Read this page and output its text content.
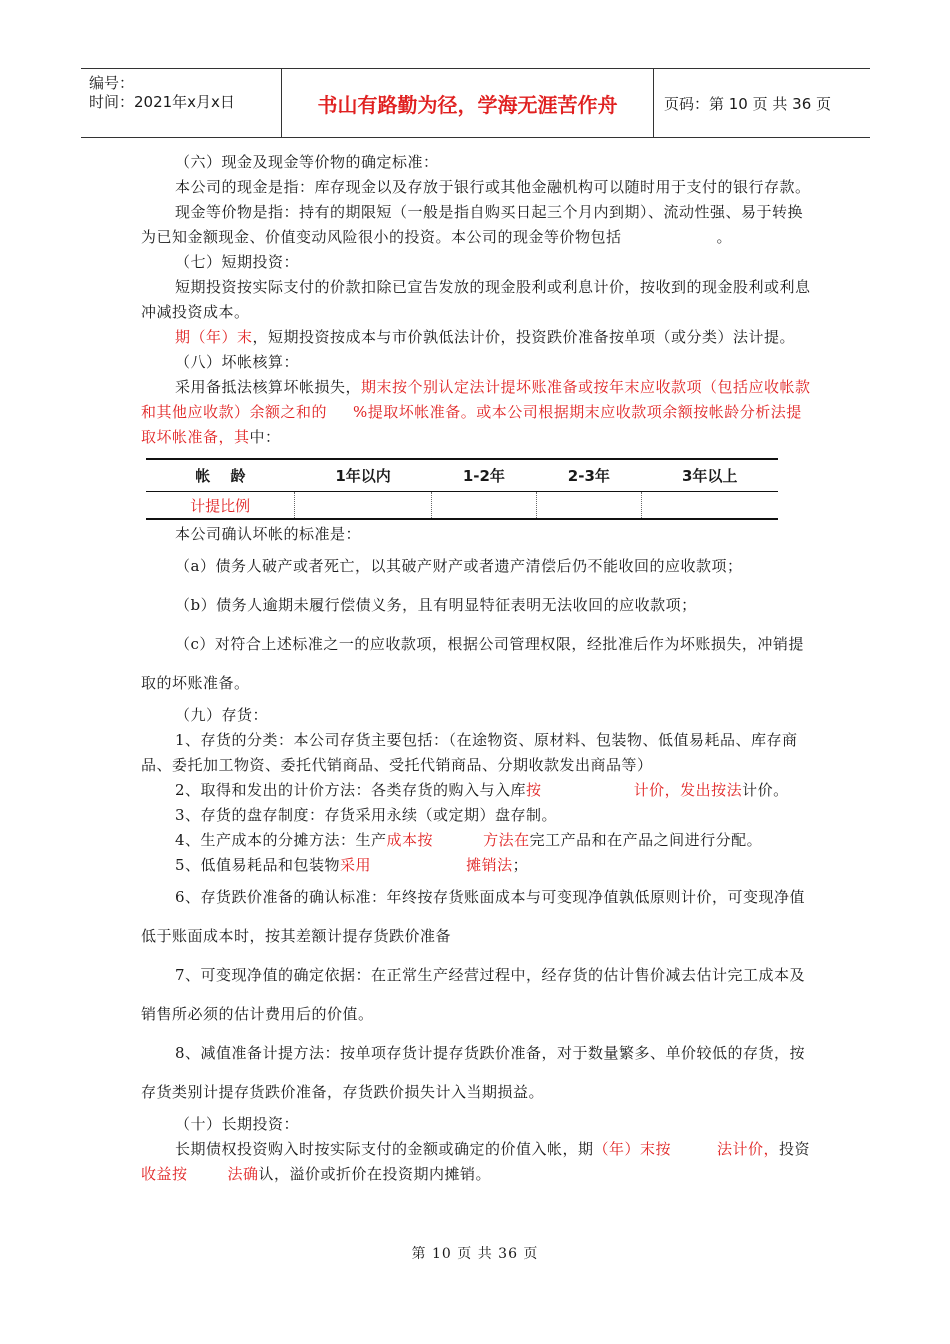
编号：
时间：2021年x月x日	书山有路勤为径，学海无涯苦作舟	页码：第 10 页 共 36 页

（六）现金及现金等价物的确定标准：

本公司的现金是指：库存现金以及存放于银行或其他金融机构可以随时用于支付的银行存款。

现金等价物是指：持有的期限短（一般是指自购买日起三个月内到期）、流动性强、易于转换为已知金额现金、价值变动风险很小的投资。本公司的现金等价物包括	。

（七）短期投资：

短期投资按实际支付的价款扣除已宣告发放的现金股利或利息计价，按收到的现金股利或利息冲减投资成本。

期（年）末，短期投资按成本与市价孰低法计价，投资跌价准备按单项（或分类）法计提。

（八）坏帐核算：

采用备抵法核算坏帐损失，期末按个别认定法计提坏账准备或按年末应收款项（包括应收帐款和其他应收款）余额之和的 %提取坏帐准备。或本公司根据期末应收款项余额按帐龄分析法提取坏帐准备，其中：

帐　 龄	1年以内	1-2年	2-3年	3年以上
计提比例				

本公司确认坏帐的标准是：

（a）债务人破产或者死亡，以其破产财产或者遗产清偿后仍不能收回的应收款项；

（b）债务人逾期未履行偿债义务，且有明显特征表明无法收回的应收款项；

（c）对符合上述标准之一的应收款项，根据公司管理权限，经批准后作为坏账损失，冲销提取的坏账准备。

（九）存货：

1、存货的分类：本公司存货主要包括：（在途物资、原材料、包装物、低值易耗品、库存商品、委托加工物资、委托代销商品、受托代销商品、分期收款发出商品等）

2、取得和发出的计价方法：各类存货的购入与入库按	计价，发出按法计价。

3、存货的盘存制度：存货采用永续（或定期）盘存制。

4、生产成本的分摊方法：生产成本按	方法在完工产品和在产品之间进行分配。

5、低值易耗品和包装物采用	摊销法；

6、存货跌价准备的确认标准：年终按存货账面成本与可变现净值孰低原则计价，可变现净值低于账面成本时，按其差额计提存货跌价准备

7、可变现净值的确定依据：在正常生产经营过程中，经存货的估计售价减去估计完工成本及销售所必须的估计费用后的价值。

8、减值准备计提方法：按单项存货计提存货跌价准备，对于数量繁多、单价较低的存货，按存货类别计提存货跌价准备，存货跌价损失计入当期损益。

（十）长期投资：

长期债权投资购入时按实际支付的金额或确定的价值入帐，期（年）末按	法计价，投资收益按	法确认，溢价或折价在投资期内摊销。

第 10 页 共 36 页
